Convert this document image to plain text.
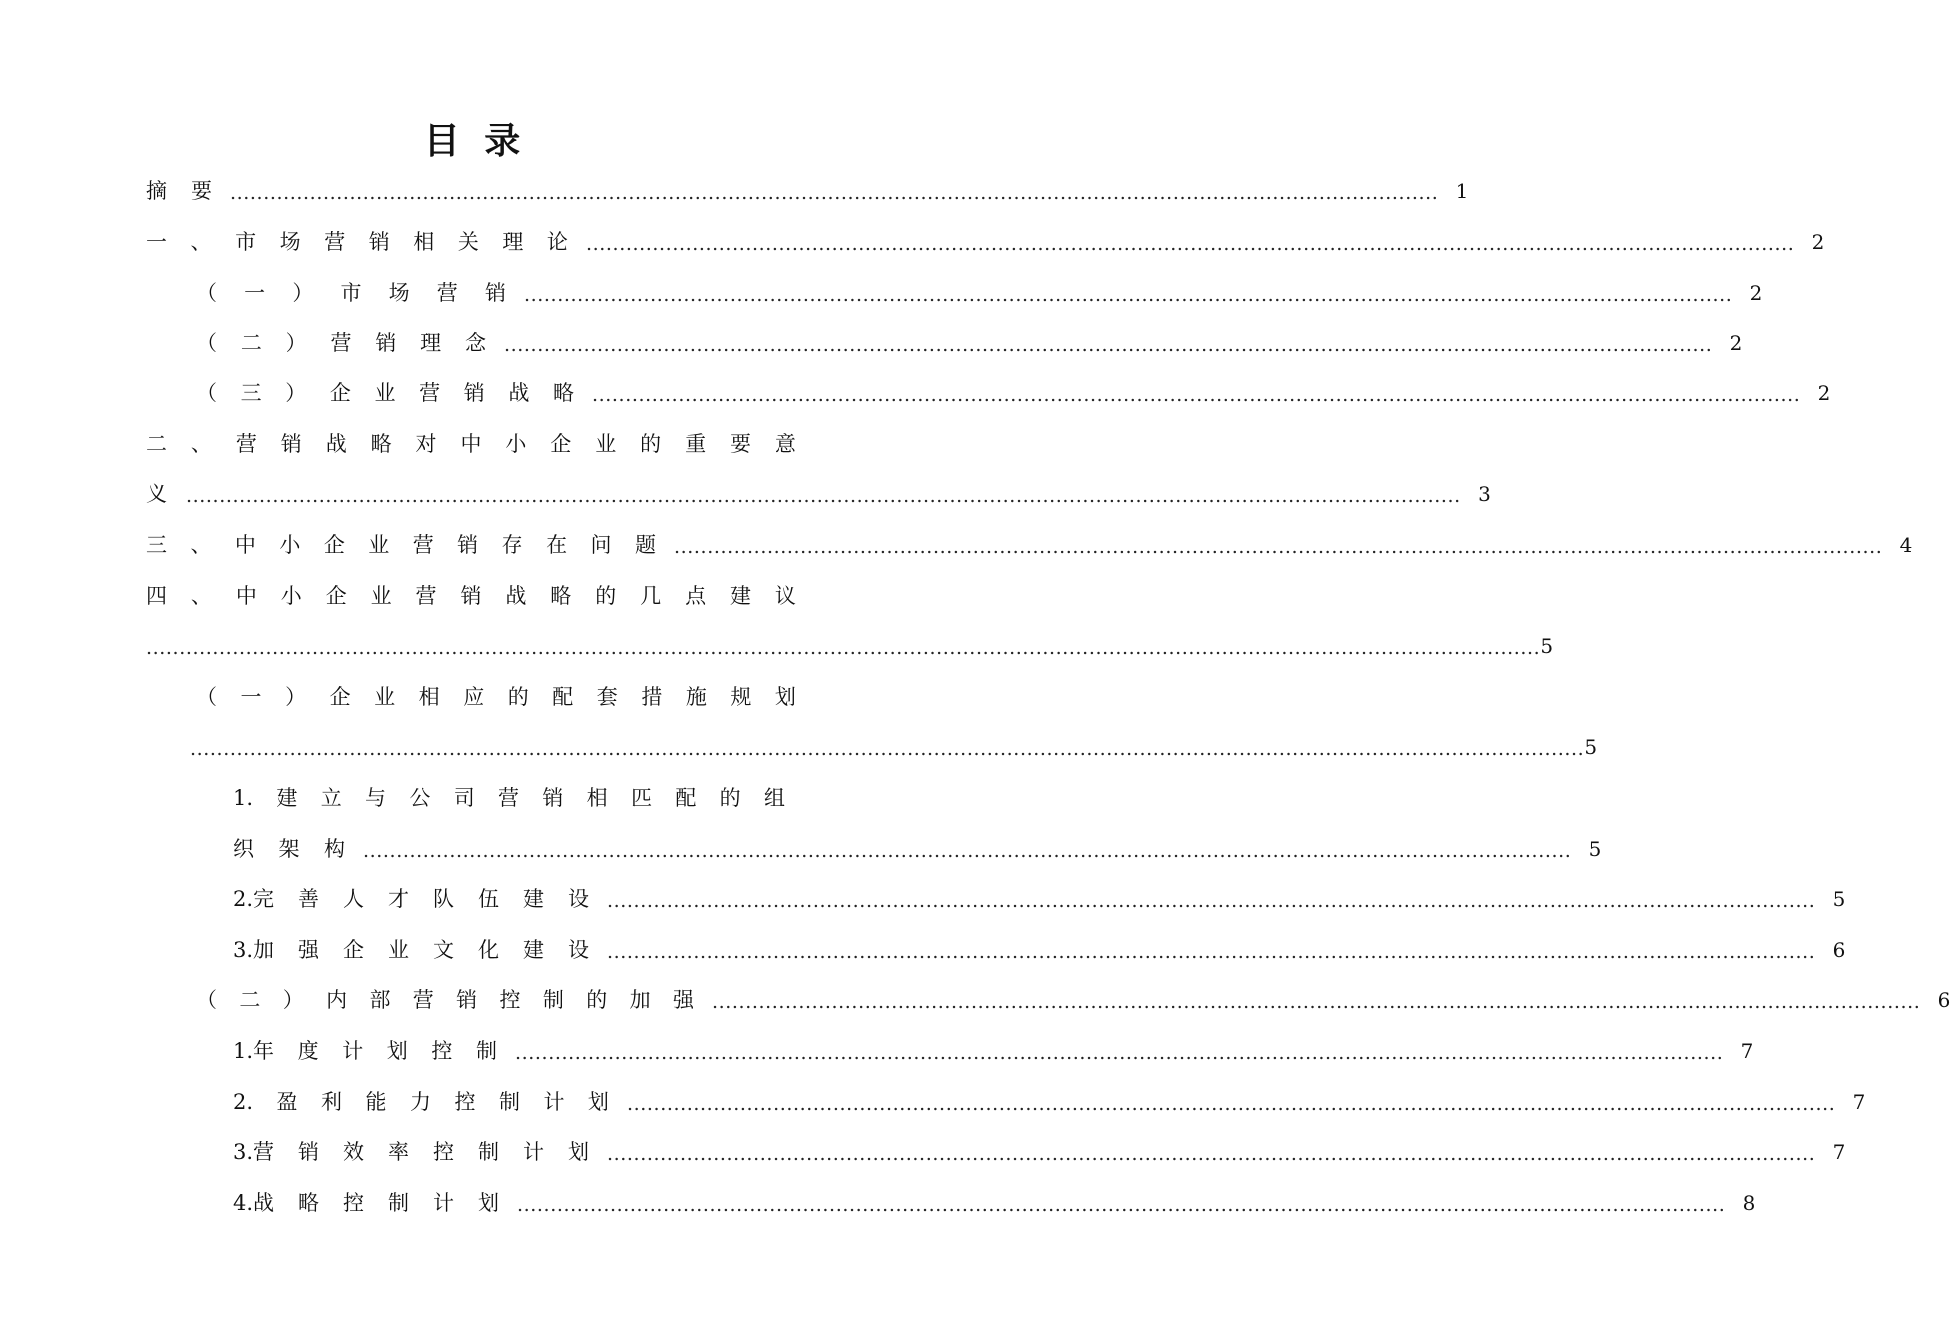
目 录
摘 要 ...................................................................................................................................................................................... 1
一 、 市 场 营 销 相 关 理 论 ...................................................................................................................................................................................... 2
（ 一 ） 市 场 营 销 ...................................................................................................................................................................................... 2
（ 二 ） 营 销 理 念 ...................................................................................................................................................................................... 2
（ 三 ） 企 业 营 销 战 略 ...................................................................................................................................................................................... 2
二 、 营 销 战 略 对 中 小 企 业 的 重 要 意
义 ................................................................................................................................................................................................ 3
三 、 中 小 企 业 营 销 存 在 问 题 ...................................................................................................................................................................................... 4
四 、 中 小 企 业 营 销 战 略 的 几 点 建 议
.................................................................................................................................................................................................................. 5
（ 一 ） 企 业 相 应 的 配 套 措 施 规 划
.................................................................................................................................................................................................................. 5
1. 建 立 与 公 司 营 销 相 匹 配 的 组
织 架 构 ...................................................................................................................................................................................... 5
2.完 善 人 才 队 伍 建 设 ...................................................................................................................................................................................... 5
3.加 强 企 业 文 化 建 设 ...................................................................................................................................................................................... 6
（ 二 ） 内 部 营 销 控 制 的 加 强 ...................................................................................................................................................................................... 6
1.年 度 计 划 控 制 ...................................................................................................................................................................................... 7
2. 盈 利 能 力 控 制 计 划 ...................................................................................................................................................................................... 7
3.营 销 效 率 控 制 计 划 ...................................................................................................................................................................................... 7
4.战 略 控 制 计 划 ...................................................................................................................................................................................... 8
